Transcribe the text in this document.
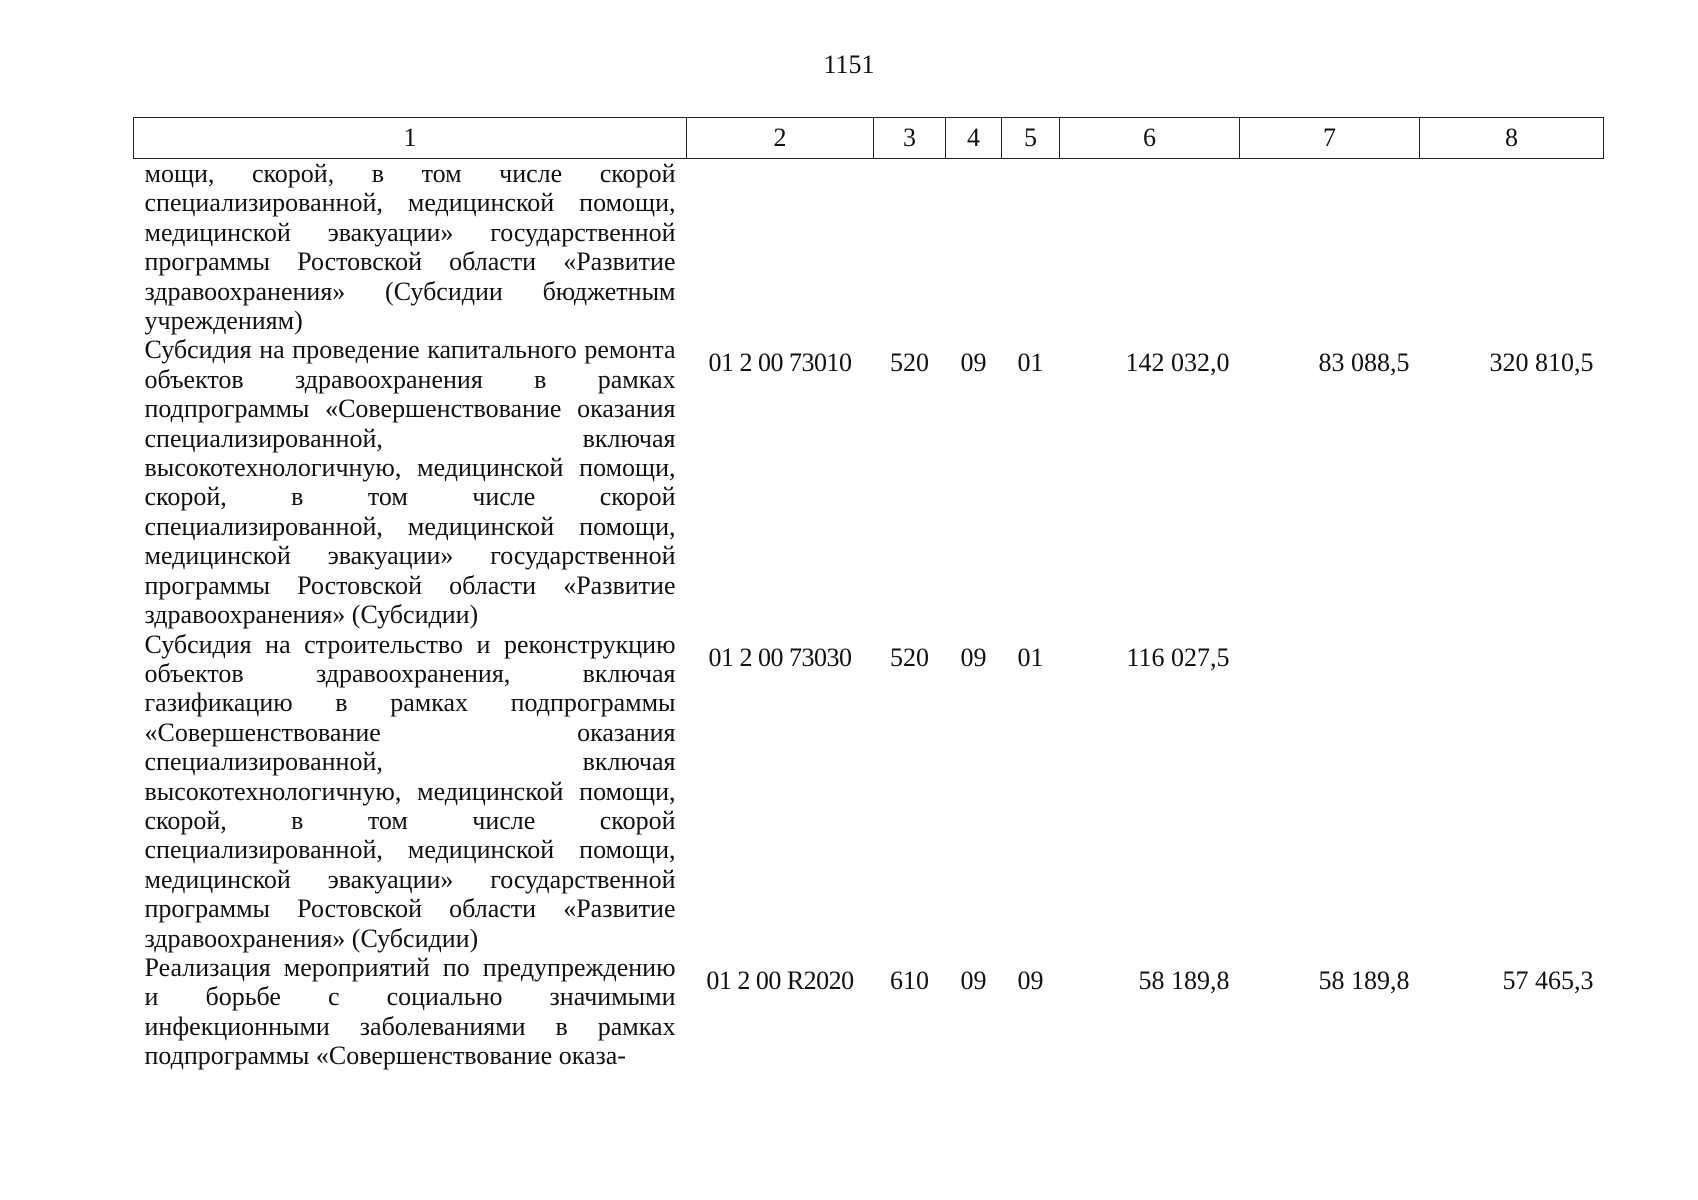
1151
1	2	3	4	5	6	7	8
мощи, скорой, в том числе скорой специализированной, медицинской помощи, медицинской эвакуации» государственной программы Ростовской области «Развитие здравоохранения» (Субсидии бюджетным учреждениям)							
Субсидия на проведение капитального ремонта объектов здравоохранения в рамках подпрограммы «Совершенствование оказания специализированной, включая высокотехнологичную, медицинской помощи, скорой, в том числе скорой специализированной, медицинской помощи, медицинской эвакуации» государственной программы Ростовской области «Развитие здравоохранения» (Субсидии)	01 2 00 73010	520	09	01	142 032,0	83 088,5	320 810,5
Субсидия на строительство и реконструкцию объектов здравоохранения, включая газификацию в рамках подпрограммы «Совершенствование оказания специализированной, включая высокотехнологичную, медицинской помощи, скорой, в том числе скорой специализированной, медицинской помощи, медицинской эвакуации» государственной программы Ростовской области «Развитие здравоохранения» (Субсидии)	01 2 00 73030	520	09	01	116 027,5		
Реализация мероприятий по предупреждению и борьбе с социально значимыми инфекционными заболеваниями в рамках подпрограммы «Совершенствование оказа-	01 2 00 R2020	610	09	09	58 189,8	58 189,8	57 465,3
